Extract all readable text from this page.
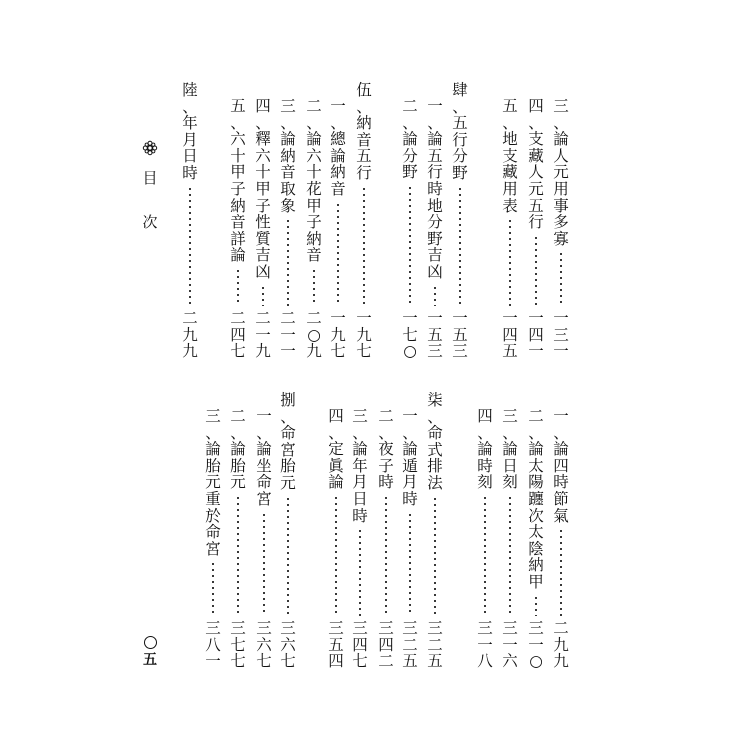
三
、
論
人
元
用
事
多
寡
一
三
一
四
、
支
藏
人
元
五
行
一
四
一
五
、
地
支
藏
用
表
一
四
五
肆
、
五
行
分
野
一
五
三
一
、
論
五
行
時
地
分
野
吉
凶
一
五
三
二
、
論
分
野
一
七
○
伍
、
納
音
五
行
一
九
七
一
、
總
論
納
音
一
九
七
二
、
論
六
十
花
甲
子
納
音
二
○
九
三
、
論
納
音
取
象
二
一
一
四
、
釋
六
十
甲
子
性
質
吉
凶
二
一
九
五
、
六
十
甲
子
納
音
詳
論
二
四
七
陸
、
年
月
日
時
二
九
九
一
、
論
四
時
節
氣
二
九
九
二
、
論
太
陽
躔
次
太
陰
納
甲
三
一
○
三
、
論
日
刻
三
一
六
四
、
論
時
刻
三
一
八
柒
、
命
式
排
法
三
二
五
一
、
論
遁
月
時
三
二
五
二
、
夜
子
時
三
四
二
三
、
論
年
月
日
時
三
四
七
四
、
定
眞
論
三
五
四
捌
、
命
宮
胎
元
三
六
七
一
、
論
坐
命
宮
三
六
七
二
、
論
胎
元
三
七
七
三
、
論
胎
元
重
於
命
宮
三
八
一
目
次
五
